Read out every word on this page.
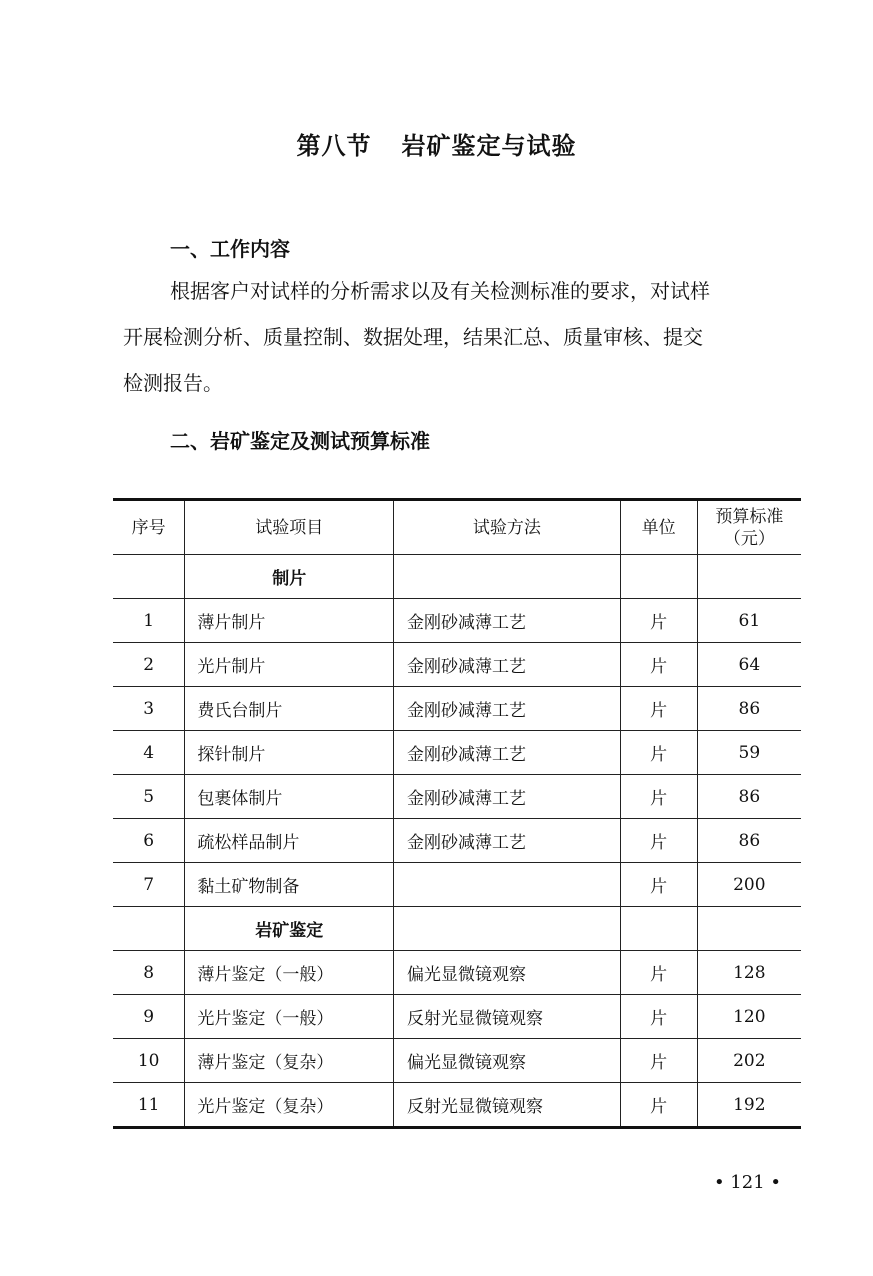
第八节 岩矿鉴定与试验
一、工作内容
根据客户对试样的分析需求以及有关检测标准的要求，对试样
开展检测分析、质量控制、数据处理，结果汇总、质量审核、提交
检测报告。
二、岩矿鉴定及测试预算标准
序号	试验项目	试验方法	单位	预算标准
（元）

	制片			
1	薄片制片	金刚砂减薄工艺	片	61
2	光片制片	金刚砂减薄工艺	片	64
3	费氏台制片	金刚砂减薄工艺	片	86
4	探针制片	金刚砂减薄工艺	片	59
5	包裹体制片	金刚砂减薄工艺	片	86
6	疏松样品制片	金刚砂减薄工艺	片	86
7	黏土矿物制备		片	200
	岩矿鉴定			
8	薄片鉴定（一般）	偏光显微镜观察	片	128
9	光片鉴定（一般）	反射光显微镜观察	片	120
10	薄片鉴定（复杂）	偏光显微镜观察	片	202
11	光片鉴定（复杂）	反射光显微镜观察	片	192
• 121 •
